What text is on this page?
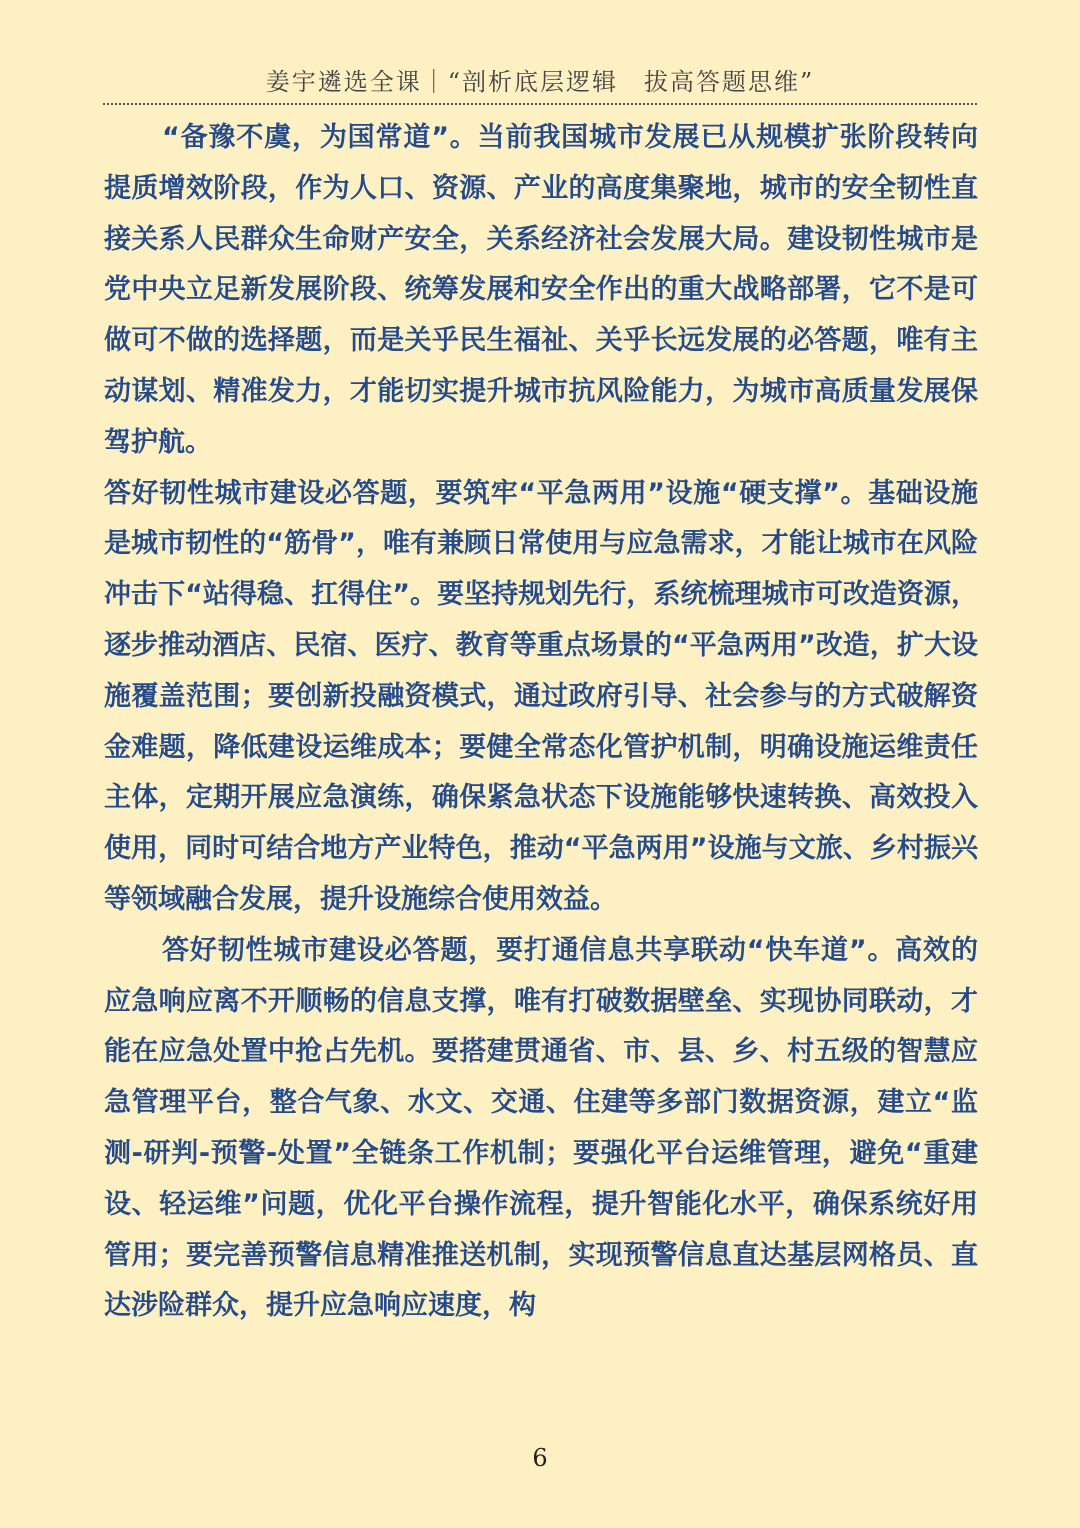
姜宇遴选全课｜“剖析底层逻辑　拔高答题思维”

“备豫不虞，为国常道”。当前我国城市发展已从规模扩张阶段转向提质增效阶段，作为人口、资源、产业的高度集聚地，城市的安全韧性直接关系人民群众生命财产安全，关系经济社会发展大局。建设韧性城市是党中央立足新发展阶段、统筹发展和安全作出的重大战略部署，它不是可做可不做的选择题，而是关乎民生福祉、关乎长远发展的必答题，唯有主动谋划、精准发力，才能切实提升城市抗风险能力，为城市高质量发展保驾护航。

答好韧性城市建设必答题，要筑牢“平急两用”设施“硬支撑”。基础设施是城市韧性的“筋骨”，唯有兼顾日常使用与应急需求，才能让城市在风险冲击下“站得稳、扛得住”。要坚持规划先行，系统梳理城市可改造资源，逐步推动酒店、民宿、医疗、教育等重点场景的“平急两用”改造，扩大设施覆盖范围；要创新投融资模式，通过政府引导、社会参与的方式破解资金难题，降低建设运维成本；要健全常态化管护机制，明确设施运维责任主体，定期开展应急演练，确保紧急状态下设施能够快速转换、高效投入使用，同时可结合地方产业特色，推动“平急两用”设施与文旅、乡村振兴等领域融合发展，提升设施综合使用效益。

答好韧性城市建设必答题，要打通信息共享联动“快车道”。高效的应急响应离不开顺畅的信息支撑，唯有打破数据壁垒、实现协同联动，才能在应急处置中抢占先机。要搭建贯通省、市、县、乡、村五级的智慧应急管理平台，整合气象、水文、交通、住建等多部门数据资源，建立“监测-研判-预警-处置”全链条工作机制；要强化平台运维管理，避免“重建设、轻运维”问题，优化平台操作流程，提升智能化水平，确保系统好用管用；要完善预警信息精准推送机制，实现预警信息直达基层网格员、直达涉险群众，提升应急响应速度，构

6
